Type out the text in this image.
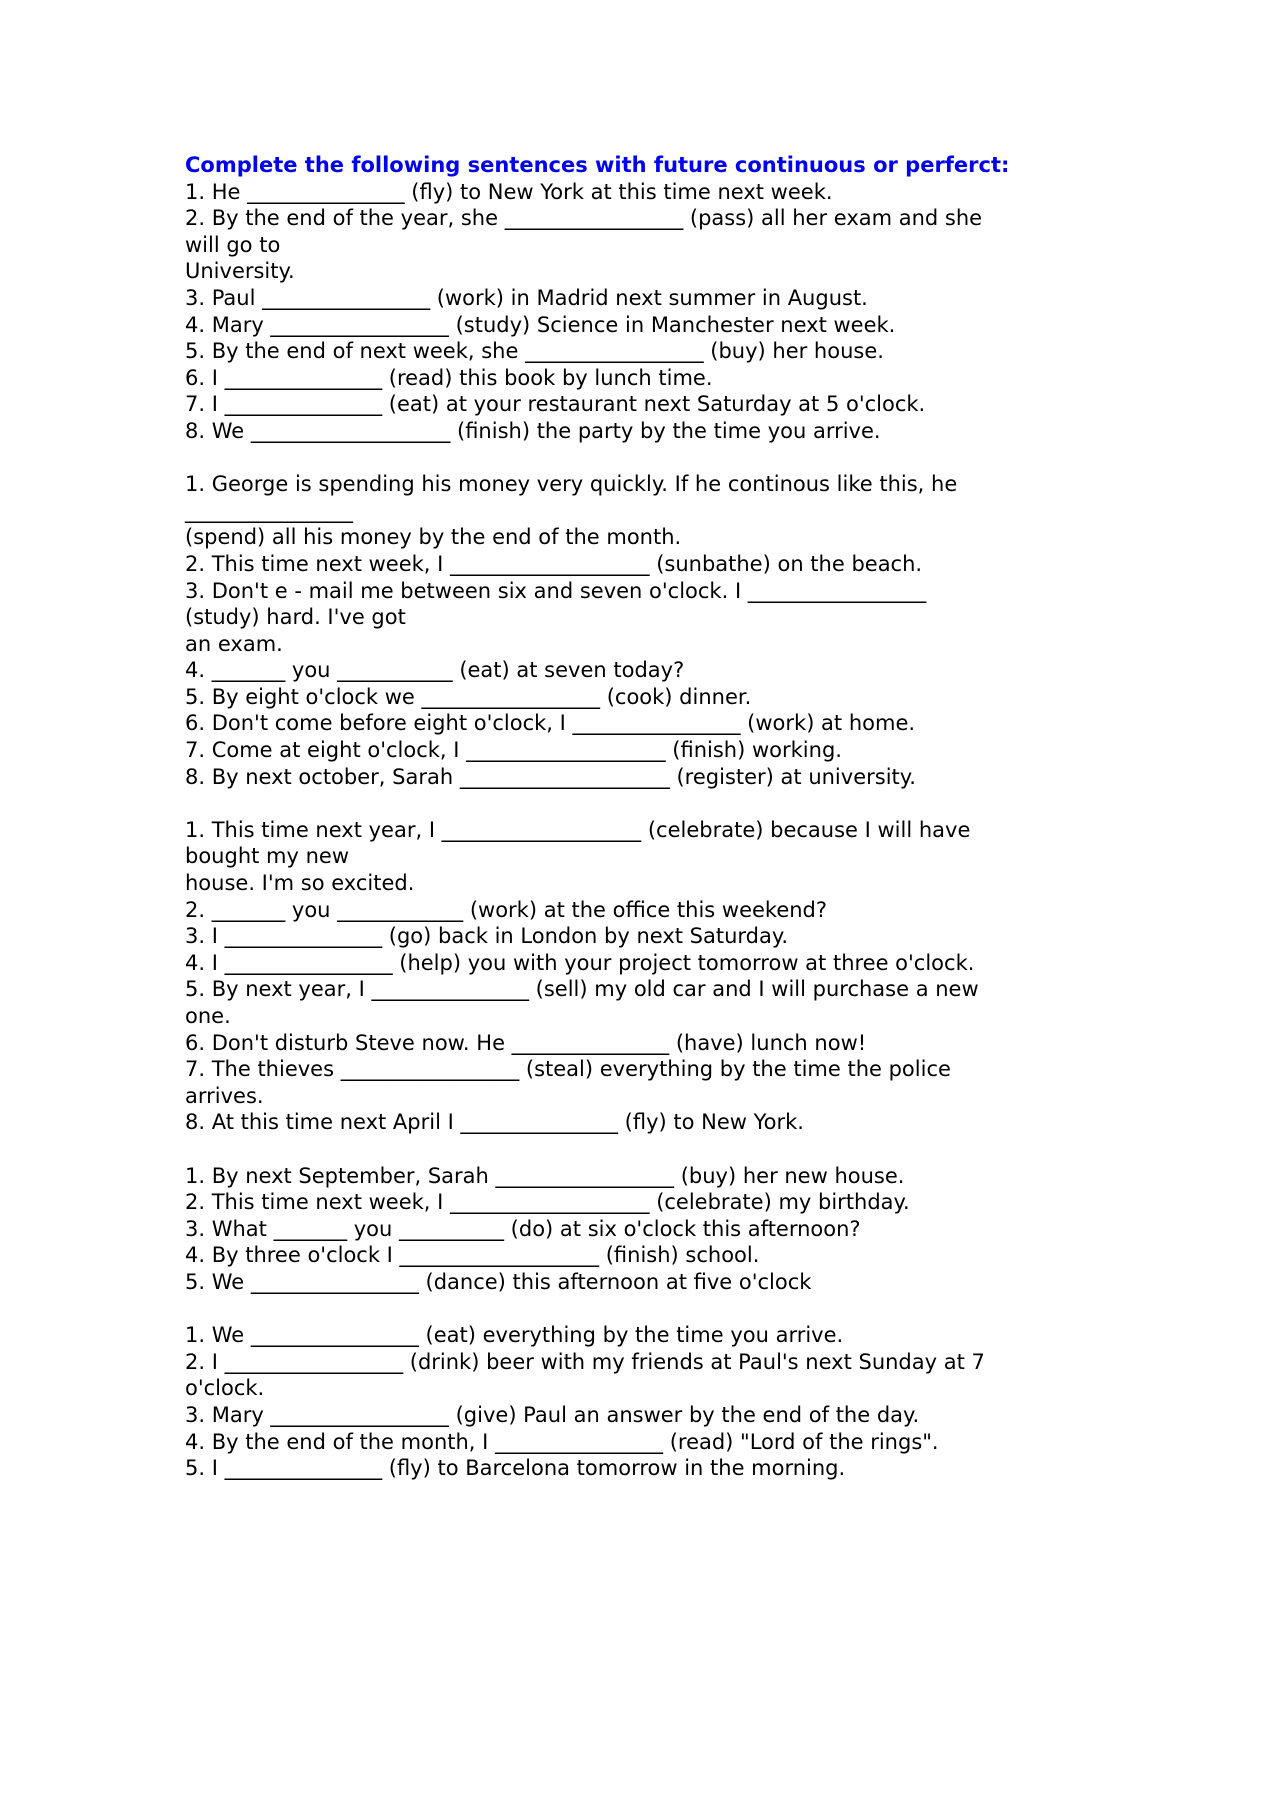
Complete the following sentences with future continuous or perferct:
1. He _______________ (fly) to New York at this time next week.
2. By the end of the year, she _________________ (pass) all her exam and she
will go to
University.
3. Paul ________________ (work) in Madrid next summer in August.
4. Mary _________________ (study) Science in Manchester next week.
5. By the end of next week, she _________________ (buy) her house.
6. I _______________ (read) this book by lunch time.
7. I _______________ (eat) at your restaurant next Saturday at 5 o'clock.
8. We ___________________ (finish) the party by the time you arrive.
1. George is spending his money very quickly. If he continous like this, he
________________
(spend) all his money by the end of the month.
2. This time next week, I ___________________ (sunbathe) on the beach.
3. Don't e - mail me between six and seven o'clock. I _________________
(study) hard. I've got
an exam.
4. _______ you ___________ (eat) at seven today?
5. By eight o'clock we _________________ (cook) dinner.
6. Don't come before eight o'clock, I ________________ (work) at home.
7. Come at eight o'clock, I ___________________ (finish) working.
8. By next october, Sarah ____________________ (register) at university.
1. This time next year, I ___________________ (celebrate) because I will have
bought my new
house. I'm so excited.
2. _______ you ____________ (work) at the office this weekend?
3. I _______________ (go) back in London by next Saturday.
4. I ________________ (help) you with your project tomorrow at three o'clock.
5. By next year, I _______________ (sell) my old car and I will purchase a new
one.
6. Don't disturb Steve now. He _______________ (have) lunch now!
7. The thieves _________________ (steal) everything by the time the police
arrives.
8. At this time next April I _______________ (fly) to New York.
1. By next September, Sarah _________________ (buy) her new house.
2. This time next week, I ___________________ (celebrate) my birthday.
3. What _______ you __________ (do) at six o'clock this afternoon?
4. By three o'clock I ___________________ (finish) school.
5. We ________________ (dance) this afternoon at five o'clock
1. We ________________ (eat) everything by the time you arrive.
2. I _________________ (drink) beer with my friends at Paul's next Sunday at 7
o'clock.
3. Mary _________________ (give) Paul an answer by the end of the day.
4. By the end of the month, I ________________ (read) "Lord of the rings".
5. I _______________ (fly) to Barcelona tomorrow in the morning.
